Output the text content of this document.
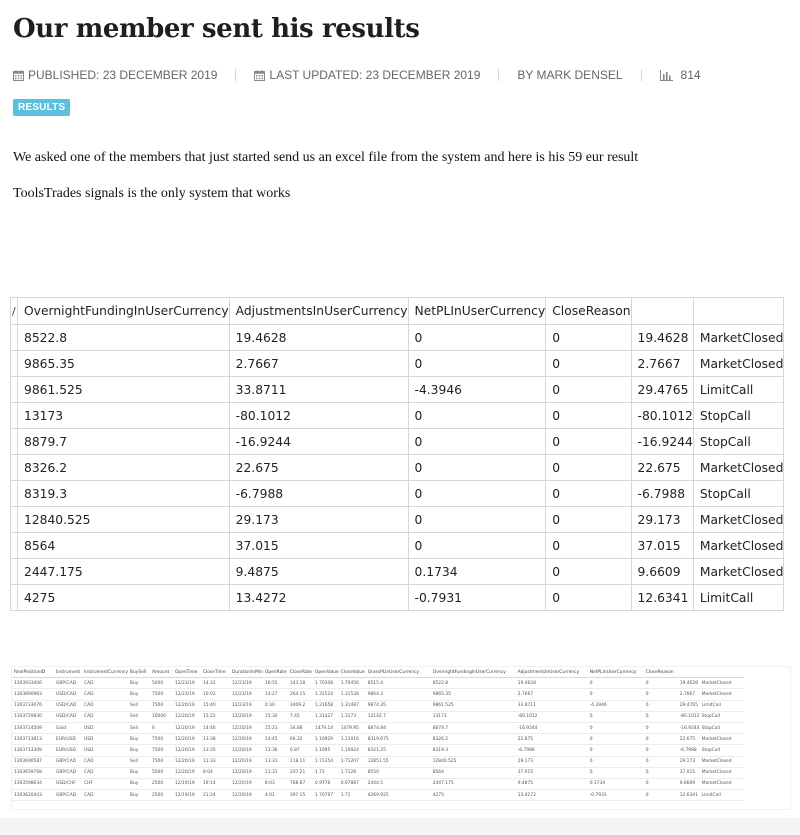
Our member sent his results
PUBLISHED: 23 DECEMBER 2019	LAST UPDATED: 23 DECEMBER 2019	BY MARK DENSEL	814
RESULTS

We asked one of the members that just started send us an excel file from the system and here is his 59 eur result

ToolsTrades signals is the only system that works

/	OvernightFundingInUserCurrency	AdjustmentsInUserCurrency	NetPLInUserCurrency	CloseReason		
	8522.8	19.4628	0	0	19.4628	MarketClosed
	9865.35	2.7667	0	0	2.7667	MarketClosed
	9861.525	33.8711	-4.3946	0	29.4765	LimitCall
	13173	-80.1012	0	0	-80.1012	StopCall
	8879.7	-16.9244	0	0	-16.9244	StopCall
	8326.2	22.675	0	0	22.675	MarketClosed
	8319.3	-6.7988	0	0	-6.7988	StopCall
	12840.525	29.173	0	0	29.173	MarketClosed
	8564	37.015	0	0	37.015	MarketClosed
	2447.175	9.4875	0.1734	0	9.6609	MarketClosed
	4275	13.4272	-0.7931	0	12.6341	LimitCall
RealPositionID	Instrument	InstrumentCurrency	BuySell	Amount	OpenTime	CloseTime	DurationInMin	OpenRate	CloseRate	OpenValue	CloseValue	GrossPLInUserCurrency	OvernightFundingInUserCurrency	AdjustmentsInUserCurrency	NetPLInUserCurrency	CloseReason		
1303933406	GBP/CAD	CAD	Buy	5000	12/23/19	14:32	12/23/19	16:55	143.18	1.70308	1.70456	8515.4	8522.8	19.4628	0	0	19.4628	MarketClosed
1303890963	USD/CAD	CAD	Buy	7500	12/23/19	10:02	12/23/19	14:27	264.15	1.31524	1.31538	9864.3	9865.35	2.7667	0	0	2.7667	MarketClosed
1303733076	USD/CAD	CAD	Sell	7500	12/20/19	15:40	12/23/19	0:30	3409.2	1.31658	1.31487	9874.35	9861.525	33.8711	-4.3946	0	29.4765	LimitCall
1303729830	USD/CAD	CAD	Sell	10000	12/20/19	15:22	12/20/19	15:30	7.45	1.31427	1.3173	13142.7	13173	-80.1012	0	0	-80.1012	StopCall
1303724509	Gold	USD	Sell	6	12/20/19	14:46	12/20/19	15:21	34.88	1479.14	1479.95	8874.84	8879.7	-16.9244	0	0	-16.9244	StopCall
1303713813	EUR/USD	USD	Buy	7500	12/20/19	13:38	12/20/19	14:45	66.32	1.10929	1.11016	8319.675	8326.2	22.675	0	0	22.675	MarketClosed
1303713309	EUR/USD	USD	Buy	7500	12/20/19	13:35	12/20/19	13:36	0.87	1.1095	1.10924	8321.25	8319.3	-6.7988	0	0	-6.7988	StopCall
1303690587	GBP/CAD	CAD	Sell	7500	12/20/19	11:33	12/20/19	13:31	118.11	1.71354	1.71207	12851.55	12840.525	29.173	0	0	29.173	MarketClosed
1303659768	GBP/CAD	CAD	Buy	5000	12/20/19	8:04	12/20/19	11:31	207.21	1.71	1.7128	8550	8564	37.015	0	0	37.015	MarketClosed
1303598634	USD/CHF	CHF	Buy	2500	12/19/19	19:14	12/20/19	8:03	768.87	0.9778	0.97887	2444.5	2447.175	9.4875	0.1734	0	9.6609	MarketClosed
1303620443	GBP/CAD	CAD	Buy	2500	12/19/19	21:24	12/20/19	4:01	397.15	1.70797	1.71	4269.925	4275	13.4272	-0.7931	0	12.6341	LimitCall
